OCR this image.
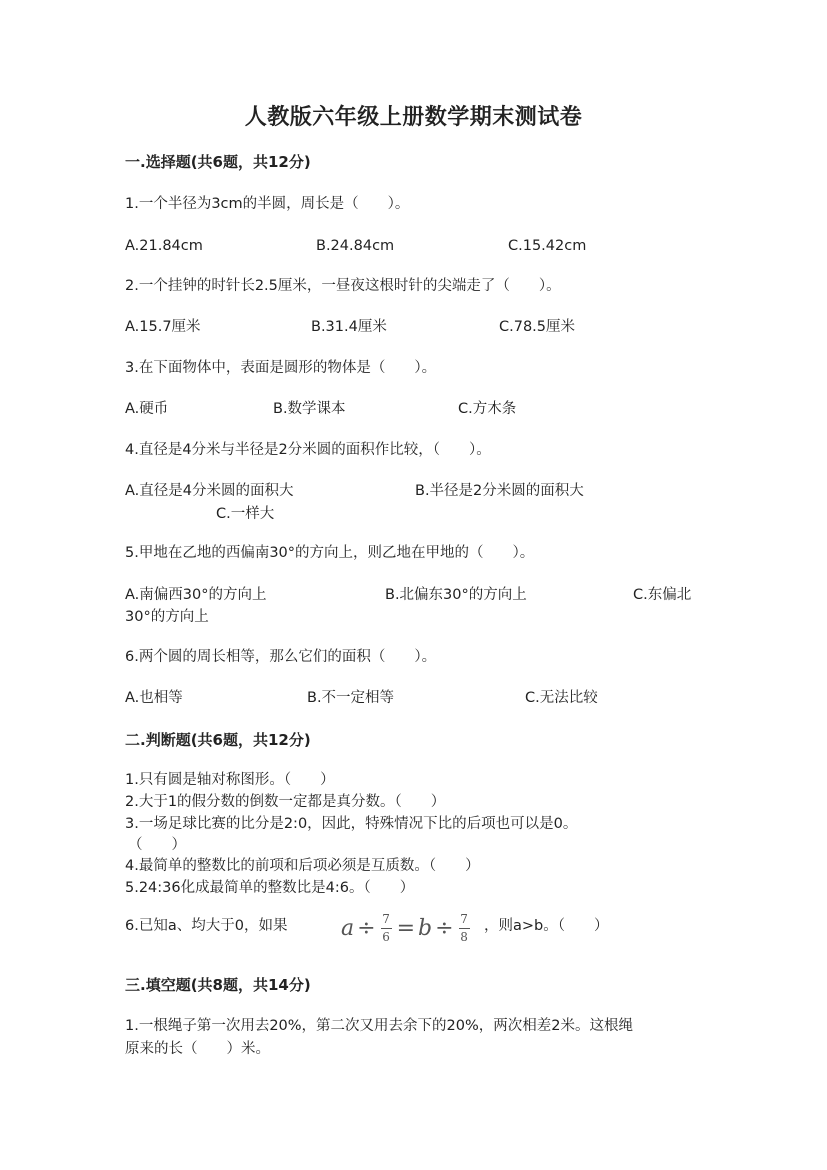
人教版六年级上册数学期末测试卷
一.选择题(共6题，共12分)
1.一个半径为3cm的半圆，周长是（　　）。
A.21.84cm	B.24.84cm	C.15.42cm
2.一个挂钟的时针长2.5厘米，一昼夜这根时针的尖端走了（　　）。
A.15.7厘米	B.31.4厘米	C.78.5厘米
3.在下面物体中，表面是圆形的物体是（　　）。
A.硬币	B.数学课本	C.方木条
4.直径是4分米与半径是2分米圆的面积作比较，（　　）。
A.直径是4分米圆的面积大	B.半径是2分米圆的面积大
C.一样大
5.甲地在乙地的西偏南30°的方向上，则乙地在甲地的（　　）。
A.南偏西30°的方向上	B.北偏东30°的方向上	C.东偏北
30°的方向上
6.两个圆的周长相等，那么它们的面积（　　）。
A.也相等	B.不一定相等	C.无法比较
二.判断题(共6题，共12分)
1.只有圆是轴对称图形。（　　）
2.大于1的假分数的倒数一定都是真分数。（　　）
3.一场足球比赛的比分是2:0，因此，特殊情况下比的后项也可以是0。
（　　）
4.最简单的整数比的前项和后项必须是互质数。（　　）
5.24:36化成最简单的整数比是4:6。（　　）
6.已知a、均大于0，如果 $a \div \frac{7}{6} = b \div \frac{7}{8}$ ，则a>b。（　　）
三.填空题(共8题，共14分)
1.一根绳子第一次用去20%，第二次又用去余下的20%，两次相差2米。这根绳
原来的长（　　）米。
